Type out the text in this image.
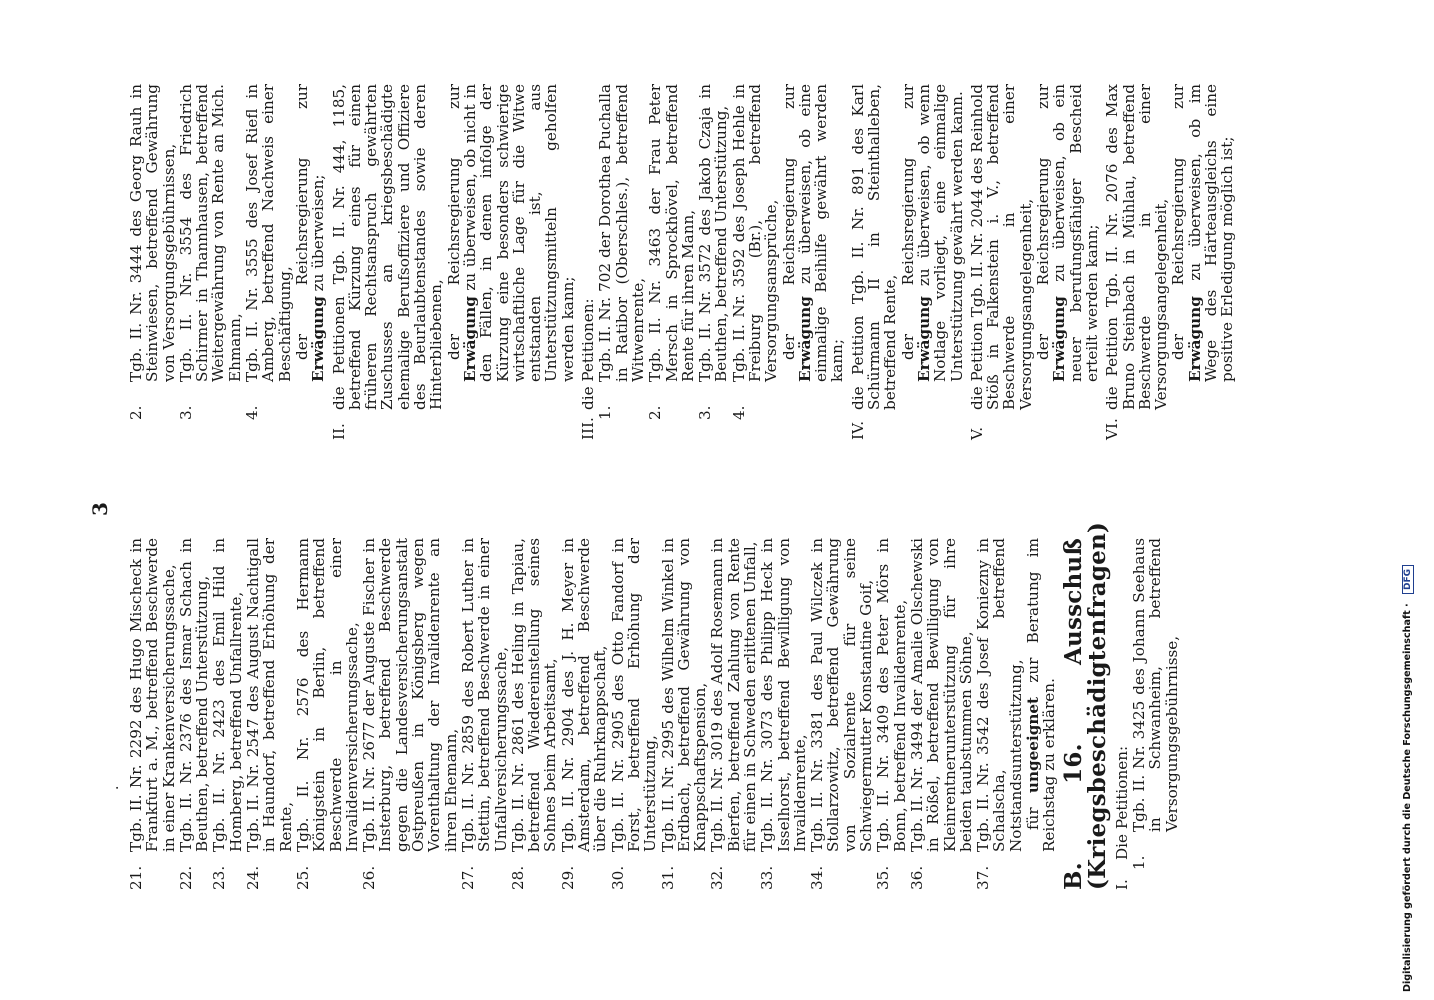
·
3
21.
Tgb. II. Nr. 2292 des Hugo Mischeck in Frankfurt a. M., betreffend Beschwerde in einer Krankenversicherungssache,
22.
Tgb. II. Nr. 2376 des Ismar Schach in Beuthen, betreffend Unterstützung,
23.
Tgb. II. Nr. 2423 des Emil Hild in Homberg, betreffend Unfallrente,
24.
Tgb. II. Nr. 2547 des August Nachtigall in Haundorf, betreffend Erhöhung der Rente,
25.
Tgb. II. Nr. 2576 des Hermann Königstein in Berlin, betreffend Beschwerde in einer Invalidenversicherungssache,
26.
Tgb. II. Nr. 2677 der Auguste Fischer in Insterburg, betreffend Beschwerde gegen die Landesversicherungsanstalt Ostpreußen in Königsberg wegen Vorenthaltung der Invalidenrente an ihren Ehemann,
27.
Tgb. II. Nr. 2859 des Robert Luther in Stettin, betreffend Beschwerde in einer Unfallversicherungssache,
28.
Tgb. II. Nr. 2861 des Heling in Tapiau, betreffend Wiedereinstellung seines Sohnes beim Arbeitsamt,
29.
Tgb. II. Nr. 2904 des J. H. Meyer in Amsterdam, betreffend Beschwerde über die Ruhrknappschaft,
30.
Tgb. II. Nr. 2905 des Otto Fandorf in Forst, betreffend Erhöhung der Unterstützung,
31.
Tgb. II. Nr. 2995 des Wilhelm Winkel in Erdbach, betreffend Gewährung von Knappschaftspension,
32.
Tgb. II. Nr. 3019 des Adolf Rosemann in Bierfen, betreffend Zahlung von Rente für einen in Schweden erlittenen Unfall,
33.
Tgb. II. Nr. 3073 des Philipp Heck in Isselhorst, betreffend Bewilligung von Invalidenrente,
34.
Tgb. II. Nr. 3381 des Paul Wilczek in Stollarzowitz, betreffend Gewährung von Sozialrente für seine Schwiegermutter Konstantine Goif,
35.
Tgb. II. Nr. 3409 des Peter Mörs in Bonn, betreffend Invalidenrente,
36.
Tgb. II. Nr. 3494 der Amalie Olschewski in Rößel, betreffend Bewilligung von Kleinrentnerunterstützung für ihre beiden taubstummen Söhne,
37.
Tgb. II. Nr. 3542 des Josef Koniezny in Schalscha, betreffend Notstandsunterstützung, für ungeeignet zur Beratung im Reichstag zu erklären. B. 16. Ausschuß (Kriegsbeschädigtenfragen) I.
Die Petitionen:
1.
Tgb. II. Nr. 3425 des Johann Seehaus in Schwanheim, betreffend Versorgungsgebührnisse,
2.
Tgb. II. Nr. 3444 des Georg Rauh in Steinwiesen, betreffend Gewährung von Versorgungsgebührnissen,
3.
Tgb. II. Nr. 3554 des Friedrich Schirmer in Thannhausen, betreffend Weitergewährung von Rente an Mich. Ehmann,
4.
Tgb. II. Nr. 3555 des Josef Riefl in Amberg, betreffend Nachweis einer Beschäftigung, der Reichsregierung zur Erwägung zu überweisen;

II.
die Petitionen Tgb. II. Nr. 444, 1185, betreffend Kürzung eines für einen früheren Rechtsanspruch gewährten Zuschusses an kriegsbeschädigte ehemalige Berufsoffiziere und Offiziere des Beurlaubtenstandes sowie deren Hinterbliebenen, der Reichsregierung zur Erwägung zu überweisen, ob nicht in den Fällen, in denen infolge der Kürzung eine besonders schwierige wirtschaftliche Lage für die Witwe entstanden ist, aus Unterstützungsmitteln geholfen werden kann;

III.
die Petitionen:
1.
Tgb. II. Nr. 702 der Dorothea Puchalla in Ratibor (Oberschles.), betreffend Witwenrente,
2.
Tgb. II. Nr. 3463 der Frau Peter Mersch in Sprockhövel, betreffend Rente für ihren Mann,
3.
Tgb. II. Nr. 3572 des Jakob Czaja in Beuthen, betreffend Unterstützung,
4.
Tgb. II. Nr. 3592 des Joseph Hehle in Freiburg (Br.), betreffend Versorgungsansprüche, der Reichsregierung zur Erwägung zu überweisen, ob eine einmalige Beihilfe gewährt werden kann;

IV.
die Petition Tgb. II. Nr. 891 des Karl Schürmann II in Steinthalleben, betreffend Rente, der Reichsregierung zur Erwägung zu überweisen, ob wenn Notlage vorliegt, eine einmalige Unterstützung gewährt werden kann.

V.
die Petition Tgb. II. Nr. 2044 des Reinhold Stöß in Falkenstein i. V., betreffend Beschwerde in einer Versorgungsangelegenheit, der Reichsregierung zur Erwägung zu überweisen, ob ein neuer berufungsfähiger Bescheid erteilt werden kann;

VI.
die Petition Tgb. II. Nr. 2076 des Max Bruno Steinbach in Mühlau, betreffend Beschwerde in einer Versorgungsangelegenheit, der Reichsregierung zur Erwägung zu überweisen, ob im Wege des Härteausgleichs eine positive Erledigung möglich ist;

Digitalisierung gefördert durch die Deutsche Forschungsgemeinschaft · DFG
